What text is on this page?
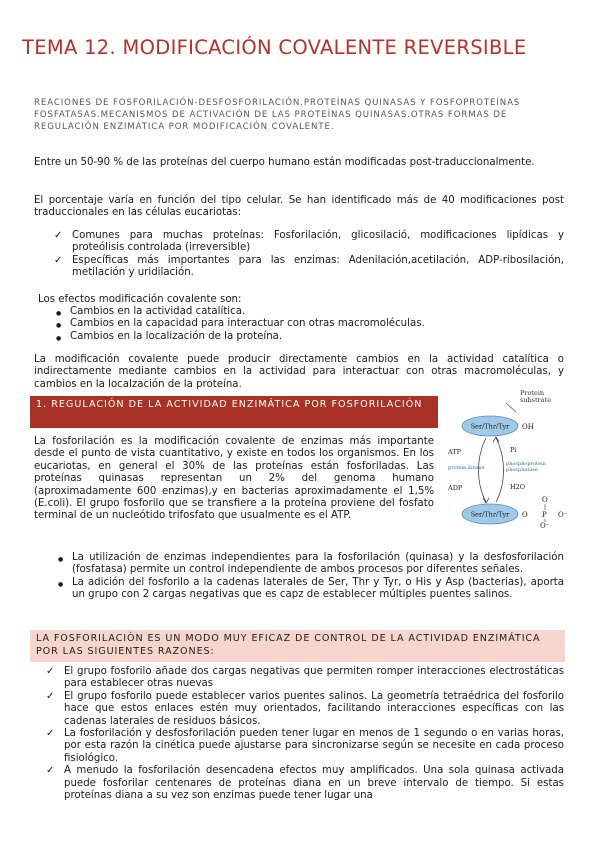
TEMA 12. MODIFICACIÓN COVALENTE REVERSIBLE

REACIONES DE FOSFORILACIÓN-DESFOSFORILACIÓN.PROTEÍNAS QUINASAS Y FOSFOPROTEÍNAS FOSFATASAS.MECANISMOS DE ACTIVACIÓN DE LAS PROTEÍNAS QUINASAS.OTRAS FORMAS DE REGULACIÓN ENZIMÁTICA POR MODIFICACIÓN COVALENTE.

Entre un 50-90 % de las proteínas del cuerpo humano están modificadas post-traduccionalmente.

El porcentaje varía en función del tipo celular. Se han identificado más de 40 modificaciones post traduccionales en las células eucariotas:

✓ Comunes para muchas proteínas: Fosforilación, glicosilació, modificaciones lipídicas y proteólisis controlada (irreversible)
✓ Específicas más importantes para las enzimas: Adenilación,acetilación, ADP-ribosilación, metilación y uridilación.

Los efectos modificación covalente son:

● Cambios en la actividad catalítica.
● Cambios en la capacidad para interactuar con otras macromoléculas.
● Cambios en la localización de la proteína.

La modificación covalente puede producir directamente cambios en la actividad catalítica o indirectamente mediante cambios en la actividad para interactuar con otras macromoléculas, y cambios en la localzación de la proteína.

1. REGULACIÓN DE LA ACTIVIDAD ENZIMÁTICA POR FOSFORILACIÓN

La fosforilación es la modificación covalente de enzimas más importante desde el punto de vista cuantitativo, y existe en todos los organismos. En los eucariotas, en general el 30% de las proteínas están fosforiladas. Las proteínas quinasas representan un 2% del genoma humano (aproximadamente 600 enzimas),y en bacterias aproximadamente el 1,5% (E.coli). El grupo fosforilo que se transfiere a la proteína proviene del fosfato terminal de un nucleótido trifosfato que usualmente es el ATP.

Protein
substrate
Ser/Thr/Tyr OH
ATP	Pi
protein kinase
phosphoprotein
phosphatase
ADP	H2O
Ser/Thr/Tyr O P O⁻
O
O⁻
● La utilización de enzimas independientes para la fosforilación (quinasa) y la desfosforilación (fosfatasa) permite un control independiente de ambos procesos por diferentes señales.
● La adición del fosforilo a la cadenas laterales de Ser, Thr y Tyr, o His y Asp (bacterias), aporta un grupo con 2 cargas negativas que es capz de establecer múltiples puentes salinos.
LA FOSFORILACIÒN ES UN MODO MUY EFICAZ DE CONTROL DE LA ACTIVIDAD ENZIMÁTICA POR LAS SIGUIENTES RAZONES:
✓ El grupo fosforilo añade dos cargas negativas que permiten romper interacciones electrostáticas para establecer otras nuevas
✓ El grupo fosforilo puede establecer varios puentes salinos. La geometría tetraédrica del fosforilo hace que estos enlaces estén muy orientados, facilitando interacciones específicas con las cadenas laterales de residuos básicos.
✓ La fosforilación y desfosforilación pueden tener lugar en menos de 1 segundo o en varias horas, por esta razón la cinética puede ajustarse para sincronizarse según se necesite en cada proceso fisiológico.
✓ A menudo la fosforilación desencadena efectos muy amplificados. Una sola quinasa activada puede fosforilar centenares de proteínas diana en un breve intervalo de tiempo. Si estas proteínas diana a su vez son enzimas puede tener lugar una
